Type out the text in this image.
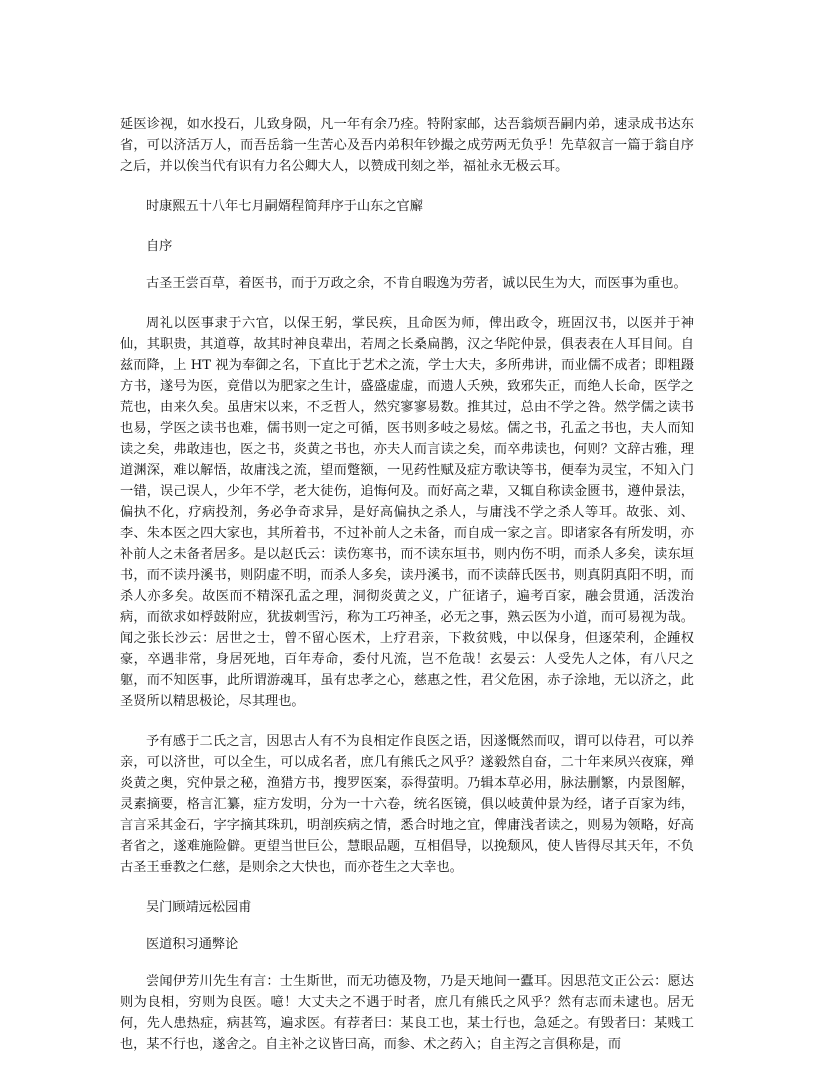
延医诊视，如水投石，儿致身陨，凡一年有余乃痊。特附家邮，达吾翁烦吾嗣内弟，速录成书达东省，可以济活万人，而吾岳翁一生苦心及吾内弟积年钞撮之成劳两无负乎！先草叙言一篇于翁自序之后，并以俟当代有识有力名公卿大人，以赞成刊刻之举，福祉永无极云耳。

时康熙五十八年七月嗣婿程简拜序于山东之官廨

自序

古圣王尝百草，着医书，而于万政之余，不肯自暇逸为劳者，诚以民生为大，而医事为重也。

周礼以医事隶于六官，以保王躬，掌民疾，且命医为师，俾出政令，班固汉书，以医并于神仙，其职贵，其道尊，故其时神良辈出，若周之长桑扁鹊，汉之华陀仲景，俱表表在人耳目间。自兹而降，上 HT 视为奉御之名，下直比于艺术之流，学士大夫，多所弗讲，而业儒不成者；即粗蹑方书，遂号为医，竟借以为肥家之生计，盛盛虚虚，而遗人夭殃，致邪失正，而绝人长命，医学之荒也，由来久矣。虽唐宋以来，不乏哲人，然究寥寥易数。推其过，总由不学之咎。然学儒之读书也易，学医之读书也难，儒书则一定之可循，医书则多岐之易炫。儒之书，孔孟之书也，夫人而知读之矣，弗敢违也，医之书，炎黄之书也，亦夫人而言读之矣，而卒弗读也，何则？文辞古雅，理道渊深，难以解悟，故庸浅之流，望而蹩额，一见药性赋及症方歌诀等书，便奉为灵宝，不知入门一错，误己误人，少年不学，老大徒伤，追悔何及。而好高之辈，又辄自称读金匮书，遵仲景法，偏执不化，疗病投剂，务必争奇求异，是好高偏执之杀人，与庸浅不学之杀人等耳。故张、刘、李、朱本医之四大家也，其所着书，不过补前人之未备，而自成一家之言。即诸家各有所发明，亦补前人之未备者居多。是以赵氏云：读伤寒书，而不读东垣书，则内伤不明，而杀人多矣，读东垣书，而不读丹溪书，则阴虚不明，而杀人多矣，读丹溪书，而不读薛氏医书，则真阴真阳不明，而杀人亦多矣。故医而不精深孔孟之理，洞彻炎黄之义，广征诸子，遍考百家，融会贯通，活泼治病，而欲求如桴鼓附应，犹拔刺雪污，称为工巧神圣，必无之事，熟云医为小道，而可易视为哉。闻之张长沙云：居世之士，曾不留心医术，上疗君亲，下救贫贱，中以保身，但逐荣利，企踵权豪，卒遇非常，身居死地，百年寿命，委付凡流，岂不危哉！玄晏云：人受先人之体，有八尺之躯，而不知医事，此所谓游魂耳，虽有忠孝之心，慈惠之性，君父危困，赤子涂地，无以济之，此圣贤所以精思极论，尽其理也。

予有感于二氏之言，因思古人有不为良相定作良医之语，因遂慨然而叹，谓可以侍君，可以养亲，可以济世，可以全生，可以成名者，庶几有熊氏之风乎？遂毅然自奋，二十年来夙兴夜寐，殚炎黄之奥，究仲景之秘，渔猎方书，搜罗医案，忝得萤明。乃辑本草必用，脉法删繁，内景图解，灵素摘要，格言汇纂，症方发明，分为一十六卷，统名医镜，俱以岐黄仲景为经，诸子百家为纬，言言采其金石，字字摘其珠玑，明剖疾病之情，悉合时地之宜，俾庸浅者读之，则易为领略，好高者省之，遂难施险僻。更望当世巨公，慧眼品题，互相倡导，以挽颓风，使人皆得尽其天年，不负古圣王垂教之仁慈，是则余之大快也，而亦苍生之大幸也。

吴门顾靖远松园甫

医道积习通弊论

尝闻伊芳川先生有言：士生斯世，而无功德及物，乃是天地间一蠹耳。因思范文正公云：愿达则为良相，穷则为良医。噫！大丈夫之不遇于时者，庶几有熊氏之风乎？然有志而未逮也。居无何，先人患热症，病甚笃，遍求医。有荐者曰：某良工也，某士行也，急延之。有毁者曰：某贱工也，某不行也，遂舍之。自主补之议皆曰高，而参、术之药入；自主泻之言俱称是，而
